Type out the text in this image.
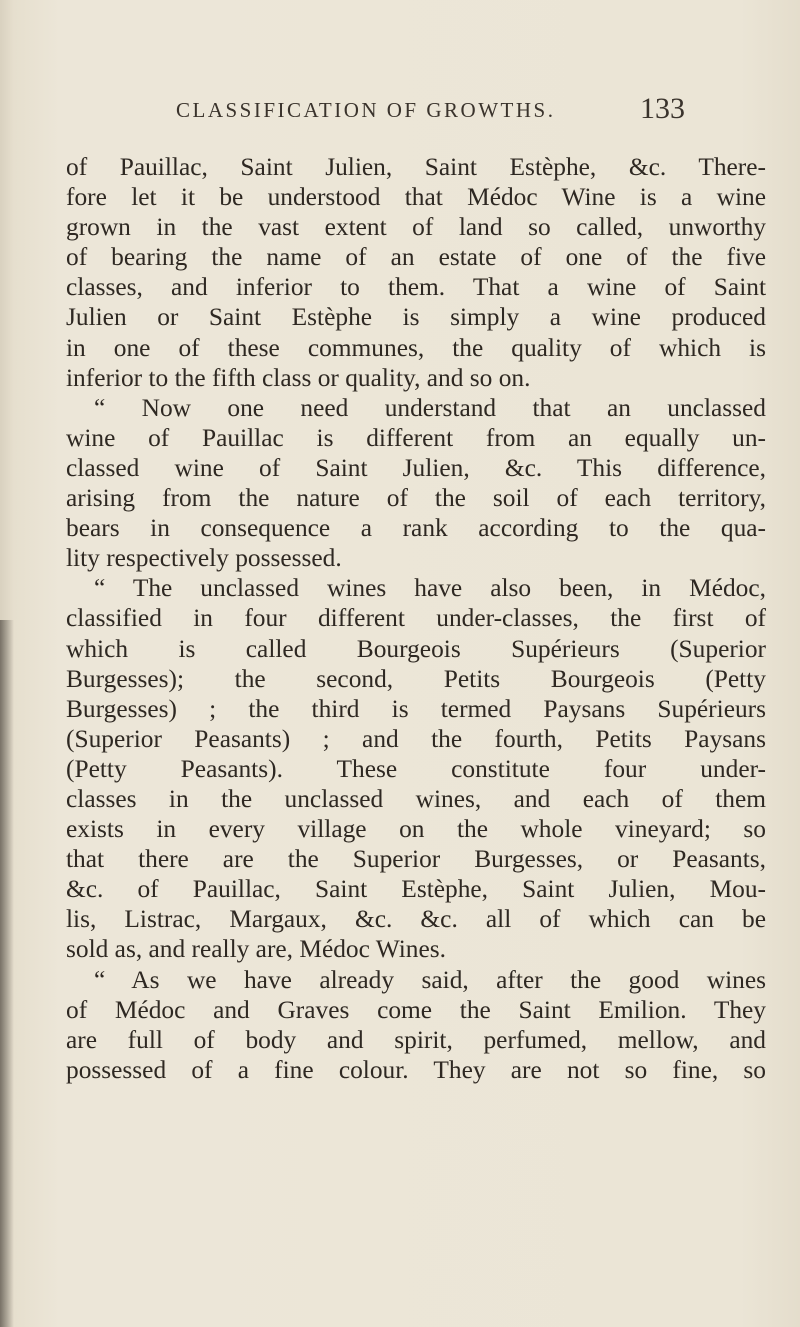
CLASSIFICATION OF GROWTHS.	133
of Pauillac, Saint Julien, Saint Estèphe, &c. There-
fore let it be understood that Médoc Wine is a wine
grown in the vast extent of land so called, unworthy
of bearing the name of an estate of one of the five
classes, and inferior to them. That a wine of Saint
Julien or Saint Estèphe is simply a wine produced
in one of these communes, the quality of which is
inferior to the fifth class or quality, and so on.
“ Now one need understand that an unclassed
wine of Pauillac is different from an equally un-
classed wine of Saint Julien, &c. This difference,
arising from the nature of the soil of each territory,
bears in consequence a rank according to the qua-
lity respectively possessed.
“ The unclassed wines have also been, in Médoc,
classified in four different under-classes, the first of
which is called Bourgeois Supérieurs (Superior
Burgesses); the second, Petits Bourgeois (Petty
Burgesses) ; the third is termed Paysans Supérieurs
(Superior Peasants) ; and the fourth, Petits Paysans
(Petty Peasants). These constitute four under-
classes in the unclassed wines, and each of them
exists in every village on the whole vineyard; so
that there are the Superior Burgesses, or Peasants,
&c. of Pauillac, Saint Estèphe, Saint Julien, Mou-
lis, Listrac, Margaux, &c. &c. all of which can be
sold as, and really are, Médoc Wines.
“ As we have already said, after the good wines
of Médoc and Graves come the Saint Emilion. They
are full of body and spirit, perfumed, mellow, and
possessed of a fine colour. They are not so fine, so
